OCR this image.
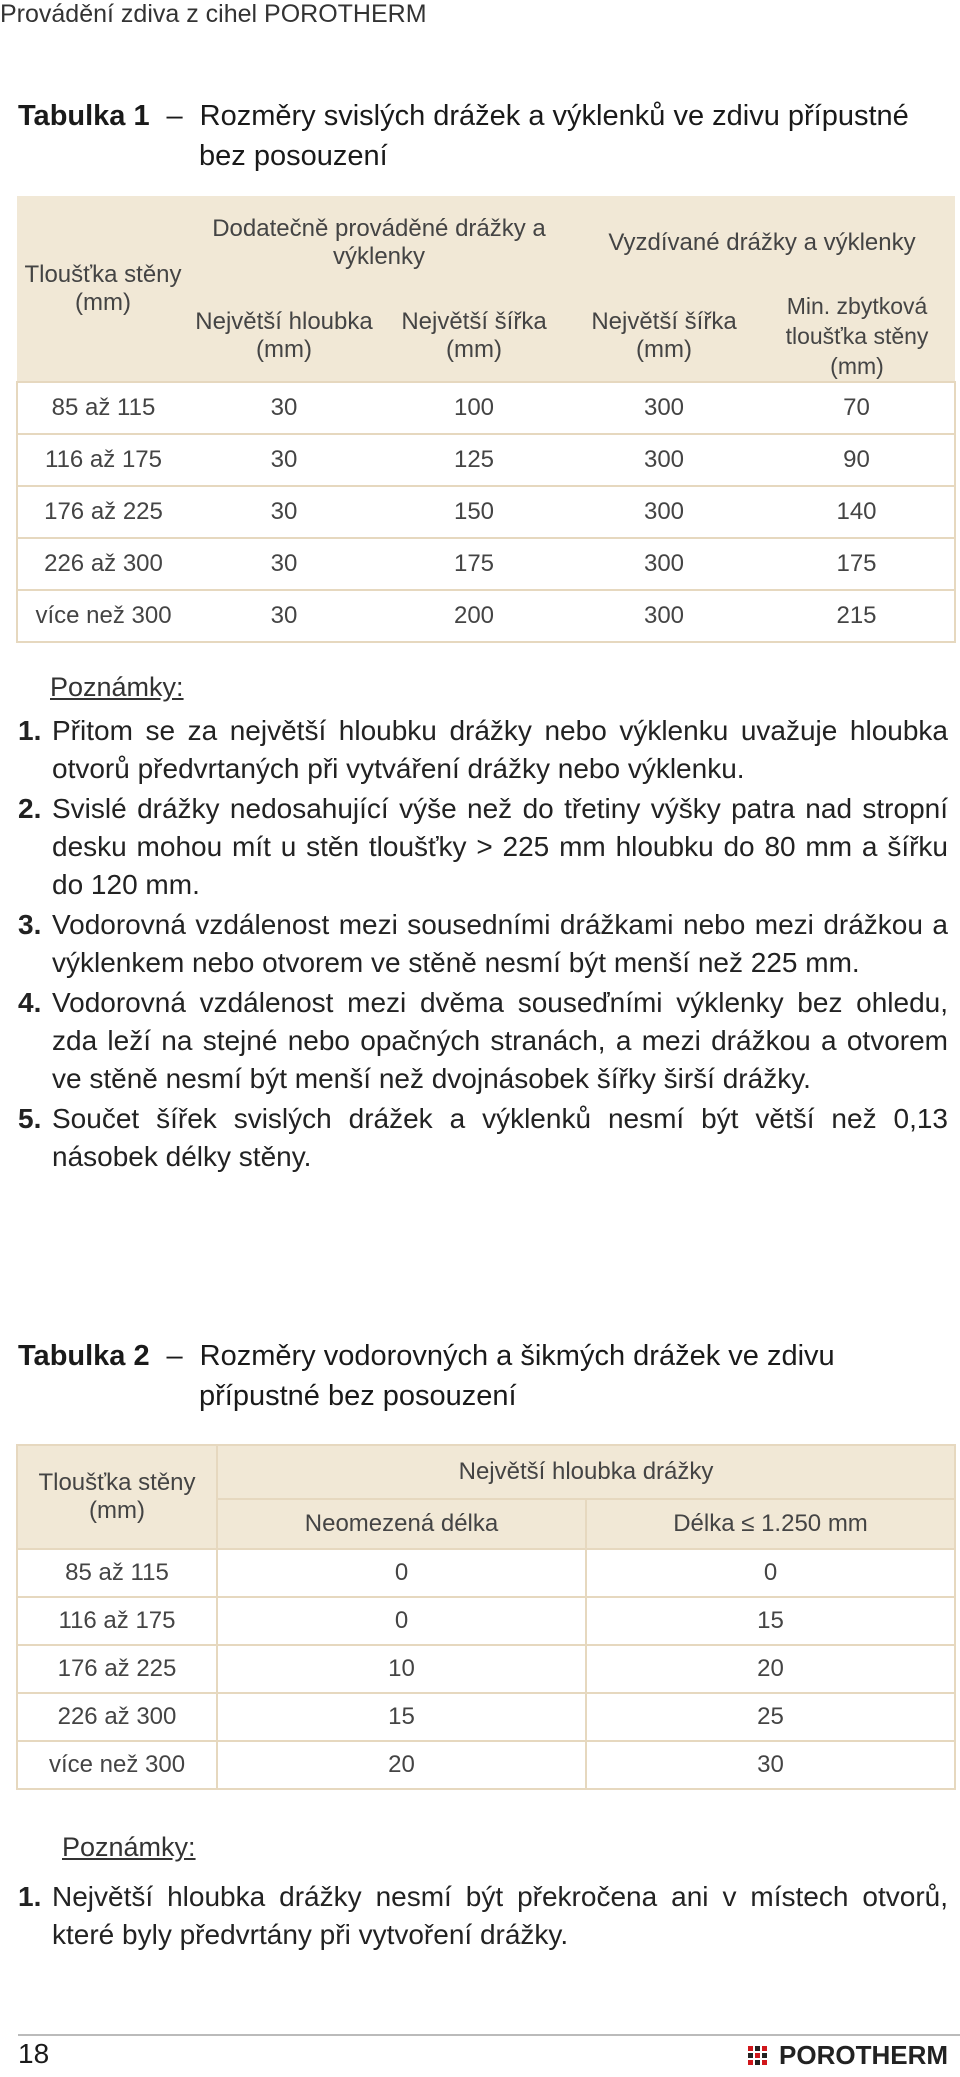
Provádění zdiva z cihel POROTHERM
Tabulka 1 – Rozměry svislých drážek a výklenků ve zdivu přípustné
bez posouzení
Tloušťka stěny (mm)	Dodatečně prováděné drážky a výklenky		Vyzdívané drážky a výklenky	
	Největší hloubka (mm)	Největší šířka (mm)	Největší šířka (mm)	Min. zbytková tloušťka stěny (mm)
85 až 115	30	100	300	70
116 až 175	30	125	300	90
176 až 225	30	150	300	140
226 až 300	30	175	300	175
více než 300	30	200	300	215
Poznámky:
1. Přitom se za největší hloubku drážky nebo výklenku uvažuje hloubka otvorů předvrtaných při vytváření drážky nebo výklenku.
2. Svislé drážky nedosahující výše než do třetiny výšky patra nad stropní desku mohou mít u stěn tloušťky > 225 mm hloubku do 80 mm a šířku do 120 mm.
3. Vodorovná vzdálenost mezi sousedními drážkami nebo mezi drážkou a výklenkem nebo otvorem ve stěně nesmí být menší než 225 mm.
4. Vodorovná vzdálenost mezi dvěma souseďními výklenky bez ohledu, zda leží na stejné nebo opačných stranách, a mezi drážkou a otvorem ve stěně nesmí být menší než dvojnásobek šířky širší drážky.
5. Součet šířek svislých drážek a výklenků nesmí být větší než 0,13 násobek délky stěny.
Tabulka 2 – Rozměry vodorovných a šikmých drážek ve zdivu
přípustné bez posouzení
Tloušťka stěny (mm)	Největší hloubka drážky	
	Neomezená délka	Délka ≤ 1.250 mm
85 až 115	0	0
116 až 175	0	15
176 až 225	10	20
226 až 300	15	25
více než 300	20	30
Poznámky:
1. Největší hloubka drážky nesmí být překročena ani v místech otvorů, které byly předvrtány při vytvoření drážky.
18	POROTHERM
